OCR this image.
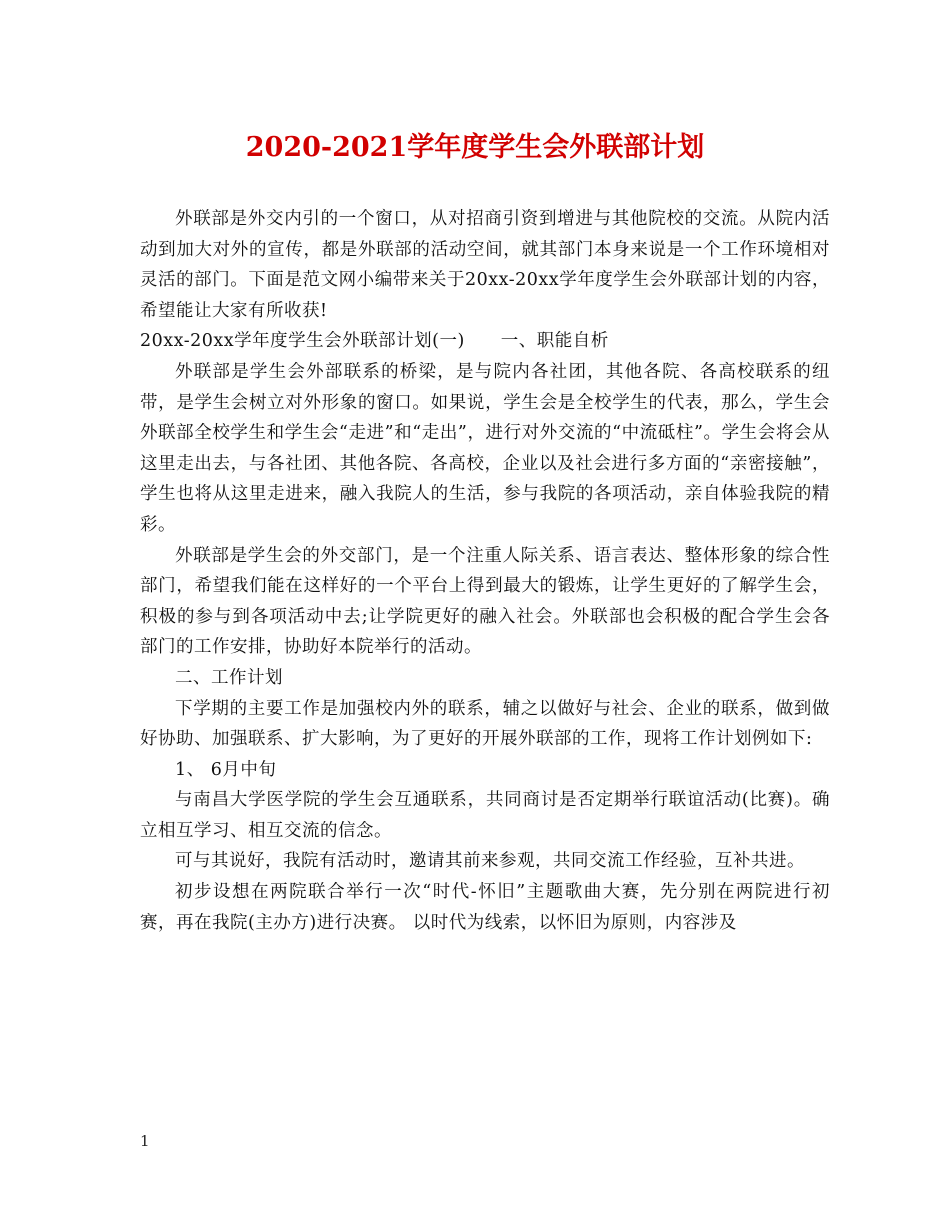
2020-2021学年度学生会外联部计划

外联部是外交内引的一个窗口，从对招商引资到增进与其他院校的交流。从院内活动到加大对外的宣传，都是外联部的活动空间，就其部门本身来说是一个工作环境相对灵活的部门。下面是范文网小编带来关于20xx-20xx学年度学生会外联部计划的内容，希望能让大家有所收获!

20xx-20xx学年度学生会外联部计划(一)　　一、职能自析

外联部是学生会外部联系的桥梁，是与院内各社团，其他各院、各高校联系的纽带，是学生会树立对外形象的窗口。如果说，学生会是全校学生的代表，那么，学生会外联部全校学生和学生会“走进”和“走出”，进行对外交流的“中流砥柱”。学生会将会从这里走出去，与各社团、其他各院、各高校，企业以及社会进行多方面的“亲密接触”，学生也将从这里走进来，融入我院人的生活，参与我院的各项活动，亲自体验我院的精彩。

外联部是学生会的外交部门，是一个注重人际关系、语言表达、整体形象的综合性部门，希望我们能在这样好的一个平台上得到最大的锻炼，让学生更好的了解学生会，积极的参与到各项活动中去;让学院更好的融入社会。外联部也会积极的配合学生会各部门的工作安排，协助好本院举行的活动。

二、工作计划

下学期的主要工作是加强校内外的联系，辅之以做好与社会、企业的联系，做到做好协助、加强联系、扩大影响，为了更好的开展外联部的工作，现将工作计划例如下:

1、 6月中旬

与南昌大学医学院的学生会互通联系，共同商讨是否定期举行联谊活动(比赛)。确立相互学习、相互交流的信念。

可与其说好，我院有活动时，邀请其前来参观，共同交流工作经验，互补共进。

初步设想在两院联合举行一次“时代-怀旧”主题歌曲大赛，先分别在两院进行初赛，再在我院(主办方)进行决赛。 以时代为线索，以怀旧为原则，内容涉及

1
